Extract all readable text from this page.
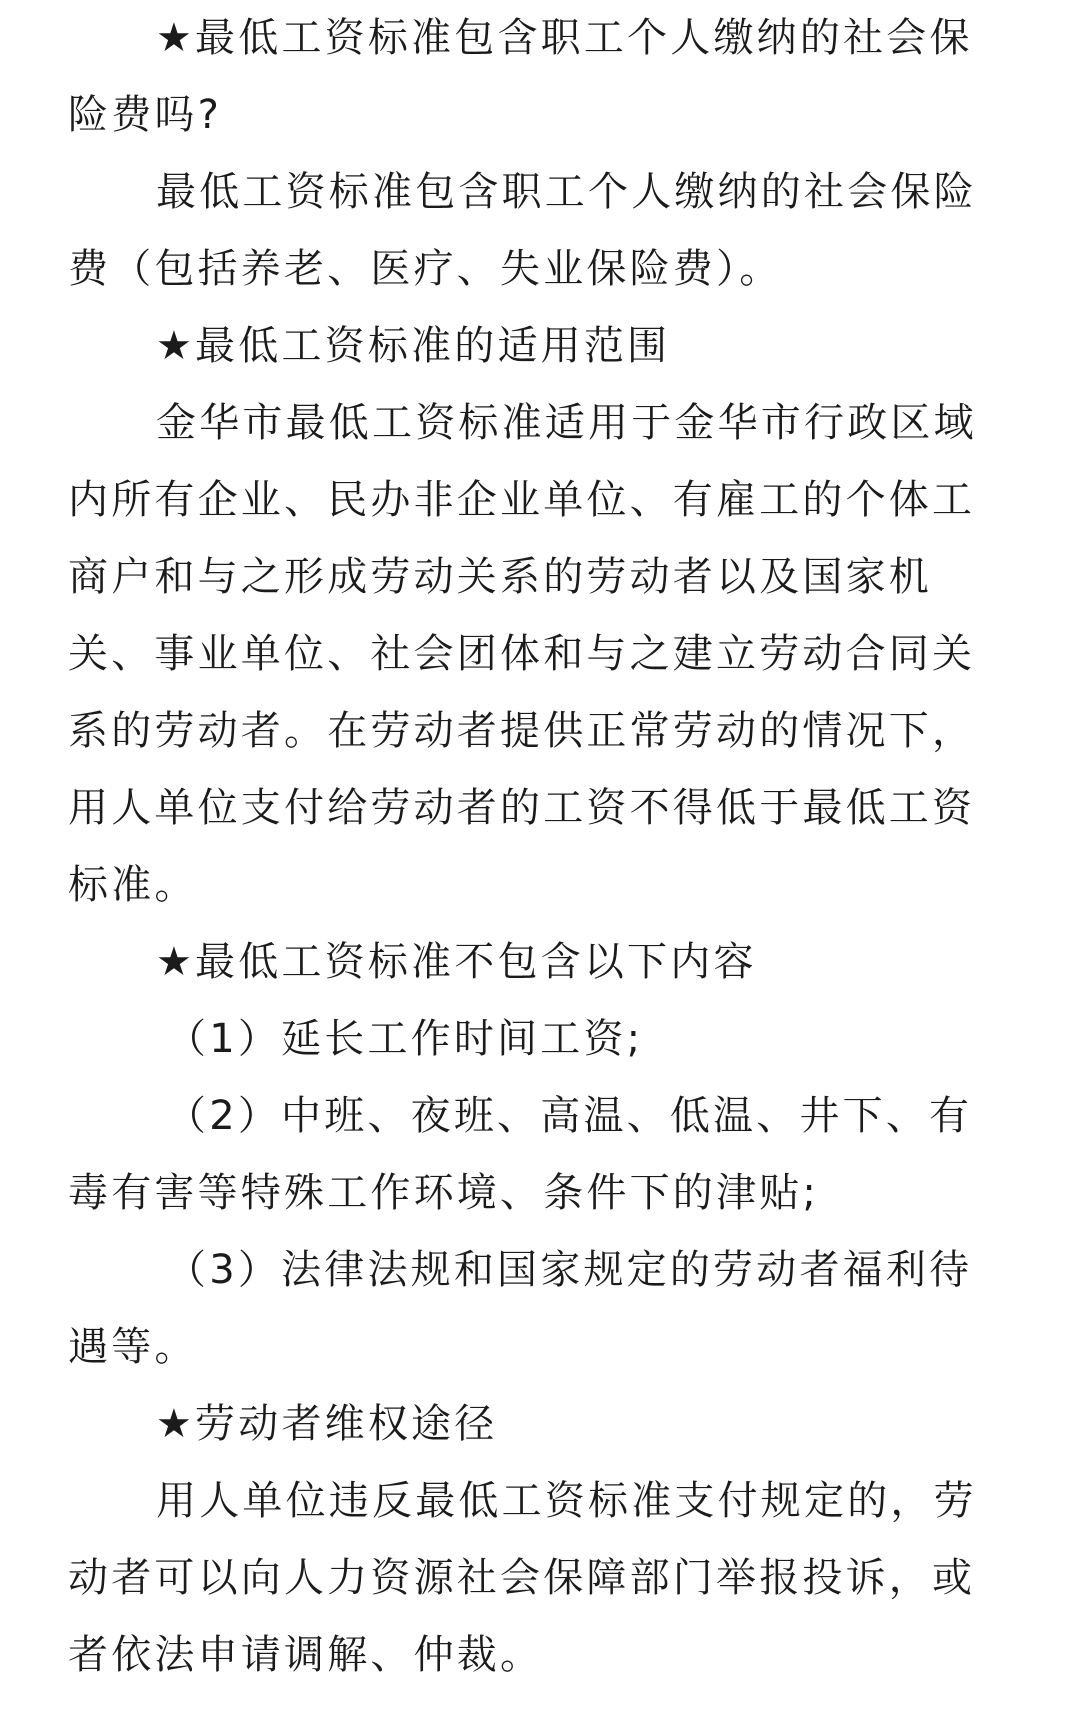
★最低工资标准包含职工个人缴纳的社会保险费吗?

最低工资标准包含职工个人缴纳的社会保险费（包括养老、医疗、失业保险费）。

★最低工资标准的适用范围

金华市最低工资标准适用于金华市行政区域内所有企业、民办非企业单位、有雇工的个体工商户和与之形成劳动关系的劳动者以及国家机关、事业单位、社会团体和与之建立劳动合同关系的劳动者。在劳动者提供正常劳动的情况下，用人单位支付给劳动者的工资不得低于最低工资标准。

★最低工资标准不包含以下内容

（1）延长工作时间工资;

（2）中班、夜班、高温、低温、井下、有毒有害等特殊工作环境、条件下的津贴;

（3）法律法规和国家规定的劳动者福利待遇等。

★劳动者维权途径

用人单位违反最低工资标准支付规定的，劳动者可以向人力资源社会保障部门举报投诉，或者依法申请调解、仲裁。
